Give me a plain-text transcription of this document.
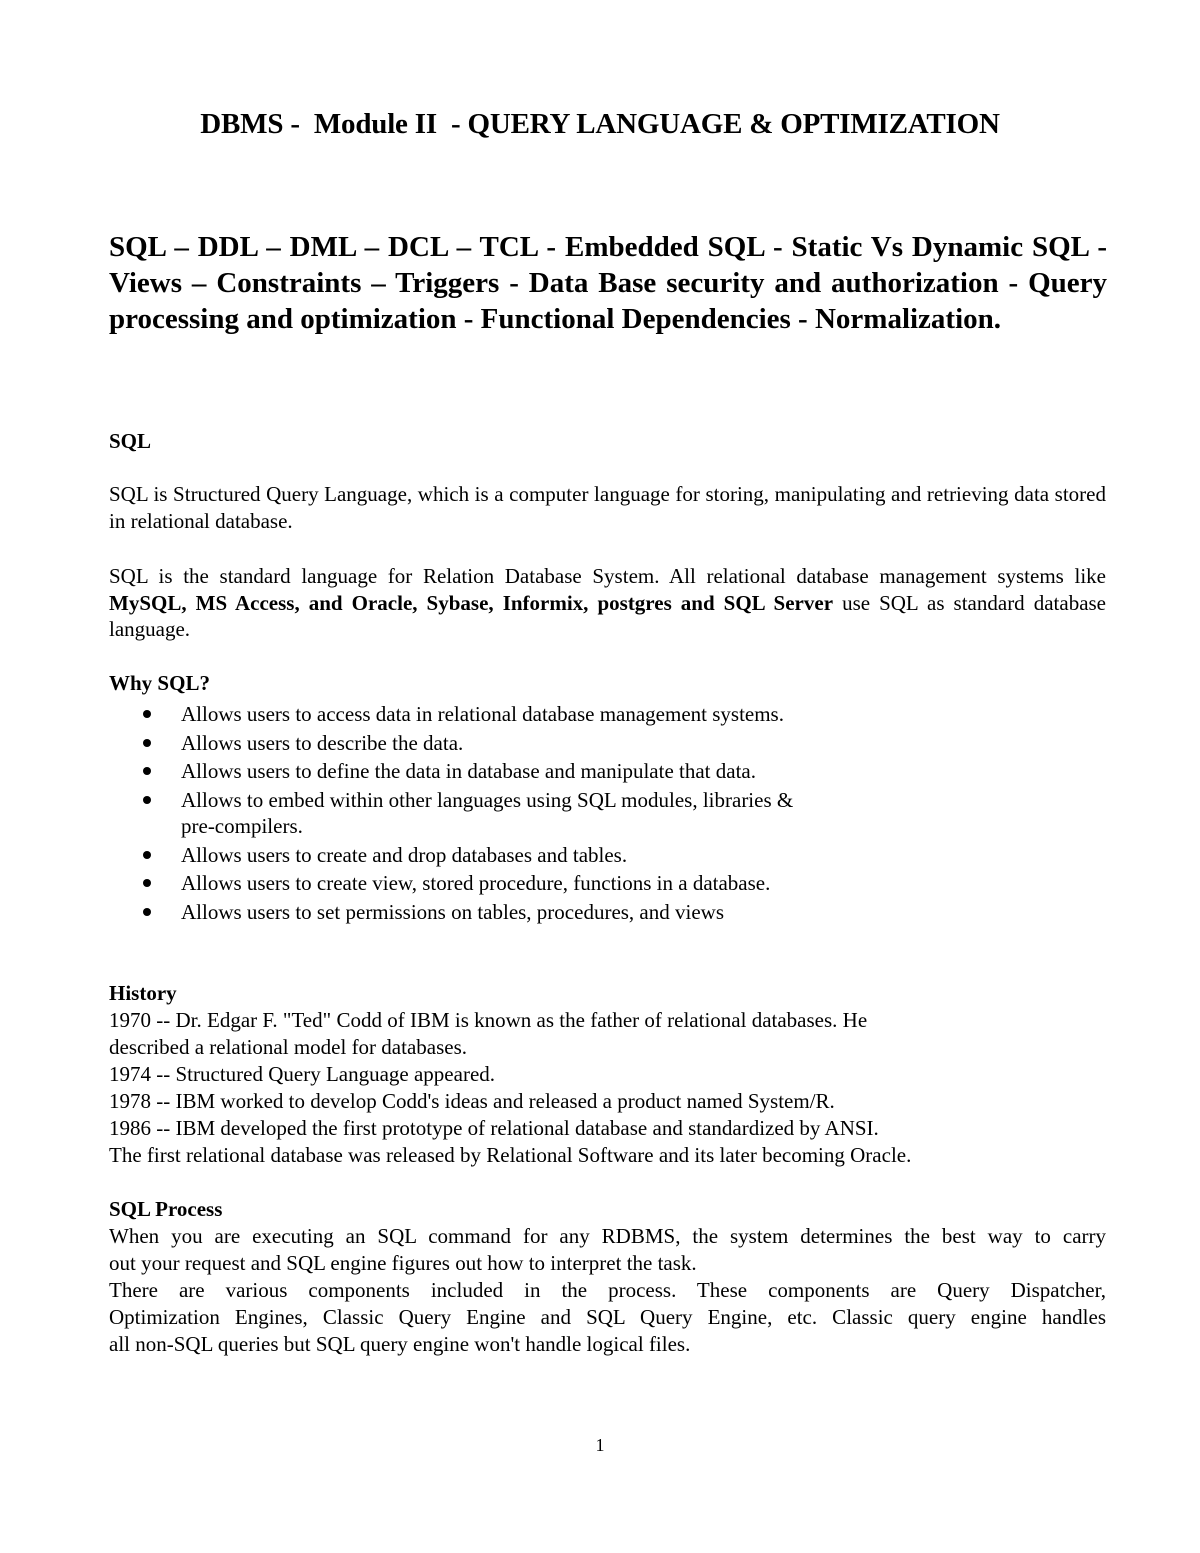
DBMS -  Module II  - QUERY LANGUAGE & OPTIMIZATION
SQL – DDL – DML – DCL – TCL - Embedded SQL - Static Vs Dynamic SQL - Views – Constraints – Triggers - Data Base security and authorization - Query processing and optimization - Functional Dependencies - Normalization.
SQL
SQL is Structured Query Language, which is a computer language for storing, manipulating and retrieving data stored in relational database.
SQL is the standard language for Relation Database System. All relational database management systems like MySQL, MS Access, and Oracle, Sybase, Informix, postgres and SQL Server use SQL as standard database language.
Why SQL?
Allows users to access data in relational database management systems.
Allows users to describe the data.
Allows users to define the data in database and manipulate that data.
Allows to embed within other languages using SQL modules, libraries &
pre-compilers.
Allows users to create and drop databases and tables.
Allows users to create view, stored procedure, functions in a database.
Allows users to set permissions on tables, procedures, and views
History
1970 -- Dr. Edgar F. "Ted" Codd of IBM is known as the father of relational databases. He
described a relational model for databases.
1974 -- Structured Query Language appeared.
1978 -- IBM worked to develop Codd's ideas and released a product named System/R.
1986 -- IBM developed the first prototype of relational database and standardized by ANSI.
The first relational database was released by Relational Software and its later becoming Oracle.
SQL Process
When you are executing an SQL command for any RDBMS, the system determines the best way to carry
out your request and SQL engine figures out how to interpret the task.
There are various components included in the process. These components are Query Dispatcher,
Optimization Engines, Classic Query Engine and SQL Query Engine, etc. Classic query engine handles
all non-SQL queries but SQL query engine won't handle logical files.
1
